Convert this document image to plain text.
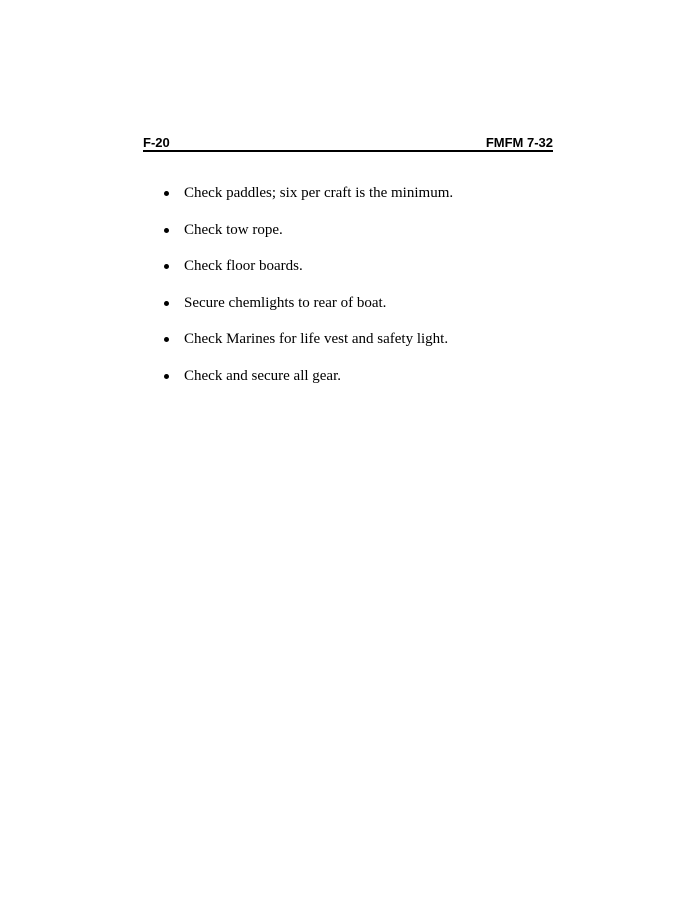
F-20	FMFM 7-32
Check paddles; six per craft is the minimum.
Check tow rope.
Check floor boards.
Secure chemlights to rear of boat.
Check Marines for life vest and safety light.
Check and secure all gear.
